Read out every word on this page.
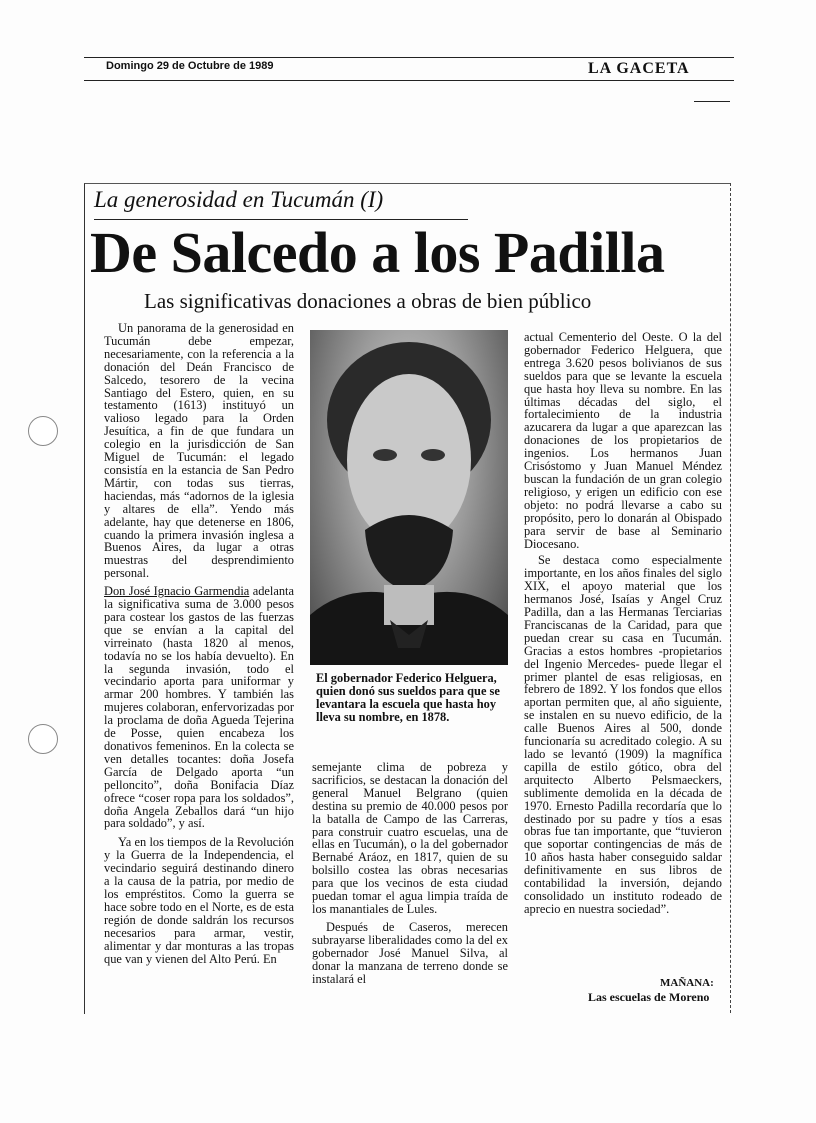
Domingo 29 de Octubre de 1989	LA GACETA
La generosidad en Tucumán (I)
De Salcedo a los Padilla
Las significativas donaciones a obras de bien público

Un panorama de la generosidad en Tucumán debe empezar, necesariamente, con la referencia a la donación del Deán Francisco de Salcedo, tesorero de la vecina Santiago del Estero, quien, en su testamento (1613) instituyó un valioso legado para la Orden Jesuítica, a fin de que fundara un colegio en la jurisdicción de San Miguel de Tucumán: el legado consistía en la estancia de San Pedro Mártir, con todas sus tierras, haciendas, más “adornos de la iglesia y altares de ella”. Yendo más adelante, hay que detenerse en 1806, cuando la primera invasión inglesa a Buenos Aires, da lugar a otras muestras del desprendimiento personal.

Don José Ignacio Garmendia adelanta la significativa suma de 3.000 pesos para costear los gastos de las fuerzas que se envían a la capital del virreinato (hasta 1820 al menos, todavía no se los había devuelto). En la segunda invasión, todo el vecindario aporta para uniformar y armar 200 hombres. Y también las mujeres colaboran, enfervorizadas por la proclama de doña Agueda Tejerina de Posse, quien encabeza los donativos femeninos. En la colecta se ven detalles tocantes: doña Josefa García de Delgado aporta “un pelloncito”, doña Bonifacia Díaz ofrece “coser ropa para los soldados”, doña Angela Zeballos dará “un hijo para soldado”, y así.

Ya en los tiempos de la Revolución y la Guerra de la Independencia, el vecindario seguirá destinando dinero a la causa de la patria, por medio de los empréstitos. Como la guerra se hace sobre todo en el Norte, es de esta región de donde saldrán los recursos necesarios para armar, vestir, alimentar y dar monturas a las tropas que van y vienen del Alto Perú. En

El gobernador Federico Helguera, quien donó sus sueldos para que se levantara la escuela que hasta hoy lleva su nombre, en 1878.

semejante clima de pobreza y sacrificios, se destacan la donación del general Manuel Belgrano (quien destina su premio de 40.000 pesos por la batalla de Campo de las Carreras, para construir cuatro escuelas, una de ellas en Tucumán), o la del gobernador Bernabé Aráoz, en 1817, quien de su bolsillo costea las obras necesarias para que los vecinos de esta ciudad puedan tomar el agua limpia traída de los manantiales de Lules.

Después de Caseros, merecen subrayarse liberalidades como la del ex gobernador José Manuel Silva, al donar la manzana de terreno donde se instalará el

actual Cementerio del Oeste. O la del gobernador Federico Helguera, que entrega 3.620 pesos bolivianos de sus sueldos para que se levante la escuela que hasta hoy lleva su nombre. En las últimas décadas del siglo, el fortalecimiento de la industria azucarera da lugar a que aparezcan las donaciones de los propietarios de ingenios. Los hermanos Juan Crisóstomo y Juan Manuel Méndez buscan la fundación de un gran colegio religioso, y erigen un edificio con ese objeto: no podrá llevarse a cabo su propósito, pero lo donarán al Obispado para servir de base al Seminario Diocesano.

Se destaca como especialmente importante, en los años finales del siglo XIX, el apoyo material que los hermanos José, Isaías y Angel Cruz Padilla, dan a las Hermanas Terciarias Franciscanas de la Caridad, para que puedan crear su casa en Tucumán. Gracias a estos hombres -propietarios del Ingenio Mercedes- puede llegar el primer plantel de esas religiosas, en febrero de 1892. Y los fondos que ellos aportan permiten que, al año siguiente, se instalen en su nuevo edificio, de la calle Buenos Aires al 500, donde funcionaría su acreditado colegio. A su lado se levantó (1909) la magnífica capilla de estilo gótico, obra del arquitecto Alberto Pelsmaeckers, sublimente demolida en la década de 1970. Ernesto Padilla recordaría que lo destinado por su padre y tíos a esas obras fue tan importante, que “tuvieron que soportar contingencias de más de 10 años hasta haber conseguido saldar definitivamente en sus libros de contabilidad la inversión, dejando consolidado un instituto rodeado de aprecio en nuestra sociedad”.

MAÑANA:
Las escuelas de Moreno
